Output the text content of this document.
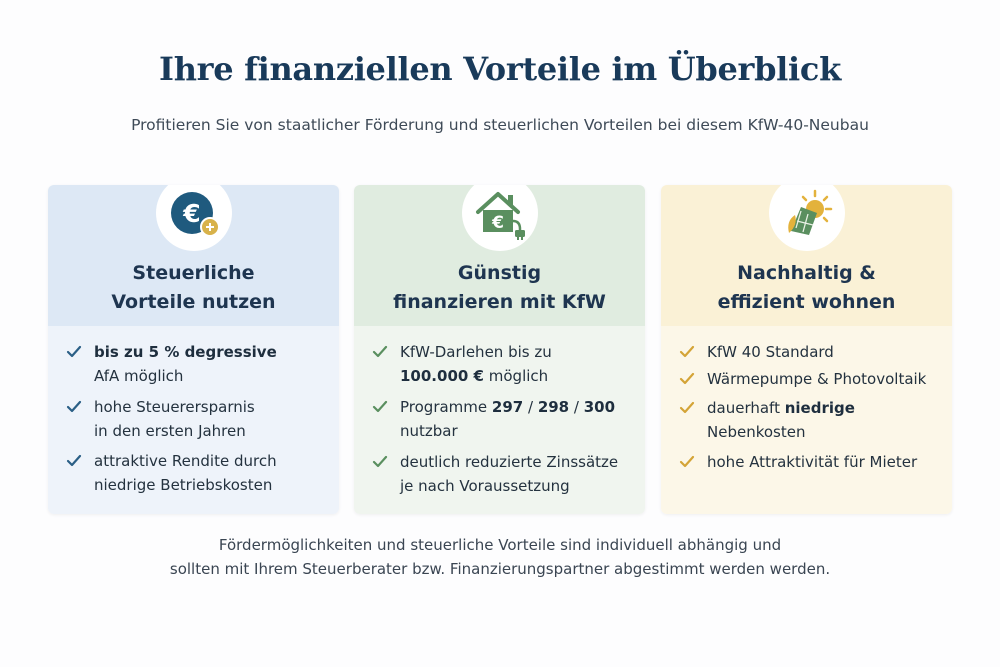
Ihre finanziellen Vorteile im Überblick
Profitieren Sie von staatlicher Förderung und steuerlichen Vorteilen bei diesem KfW-40-Neubau
€
Steuerliche
Vorteile nutzen
bis zu 5 % degressive
AfA möglich
hohe Steuerersparnis
in den ersten Jahren
attraktive Rendite durch
niedrige Betriebskosten
€
Günstig
finanzieren mit KfW
KfW-Darlehen bis zu
100.000 € möglich
Programme 297 / 298 / 300
nutzbar
deutlich reduzierte Zinssätze
je nach Voraussetzung
Nachhaltig &
effizient wohnen
KfW 40 Standard
Wärmepumpe & Photovoltaik
dauerhaft niedrige
Nebenkosten
hohe Attraktivität für Mieter
Fördermöglichkeiten und steuerliche Vorteile sind individuell abhängig und
sollten mit Ihrem Steuerberater bzw. Finanzierungspartner abgestimmt werden werden.
